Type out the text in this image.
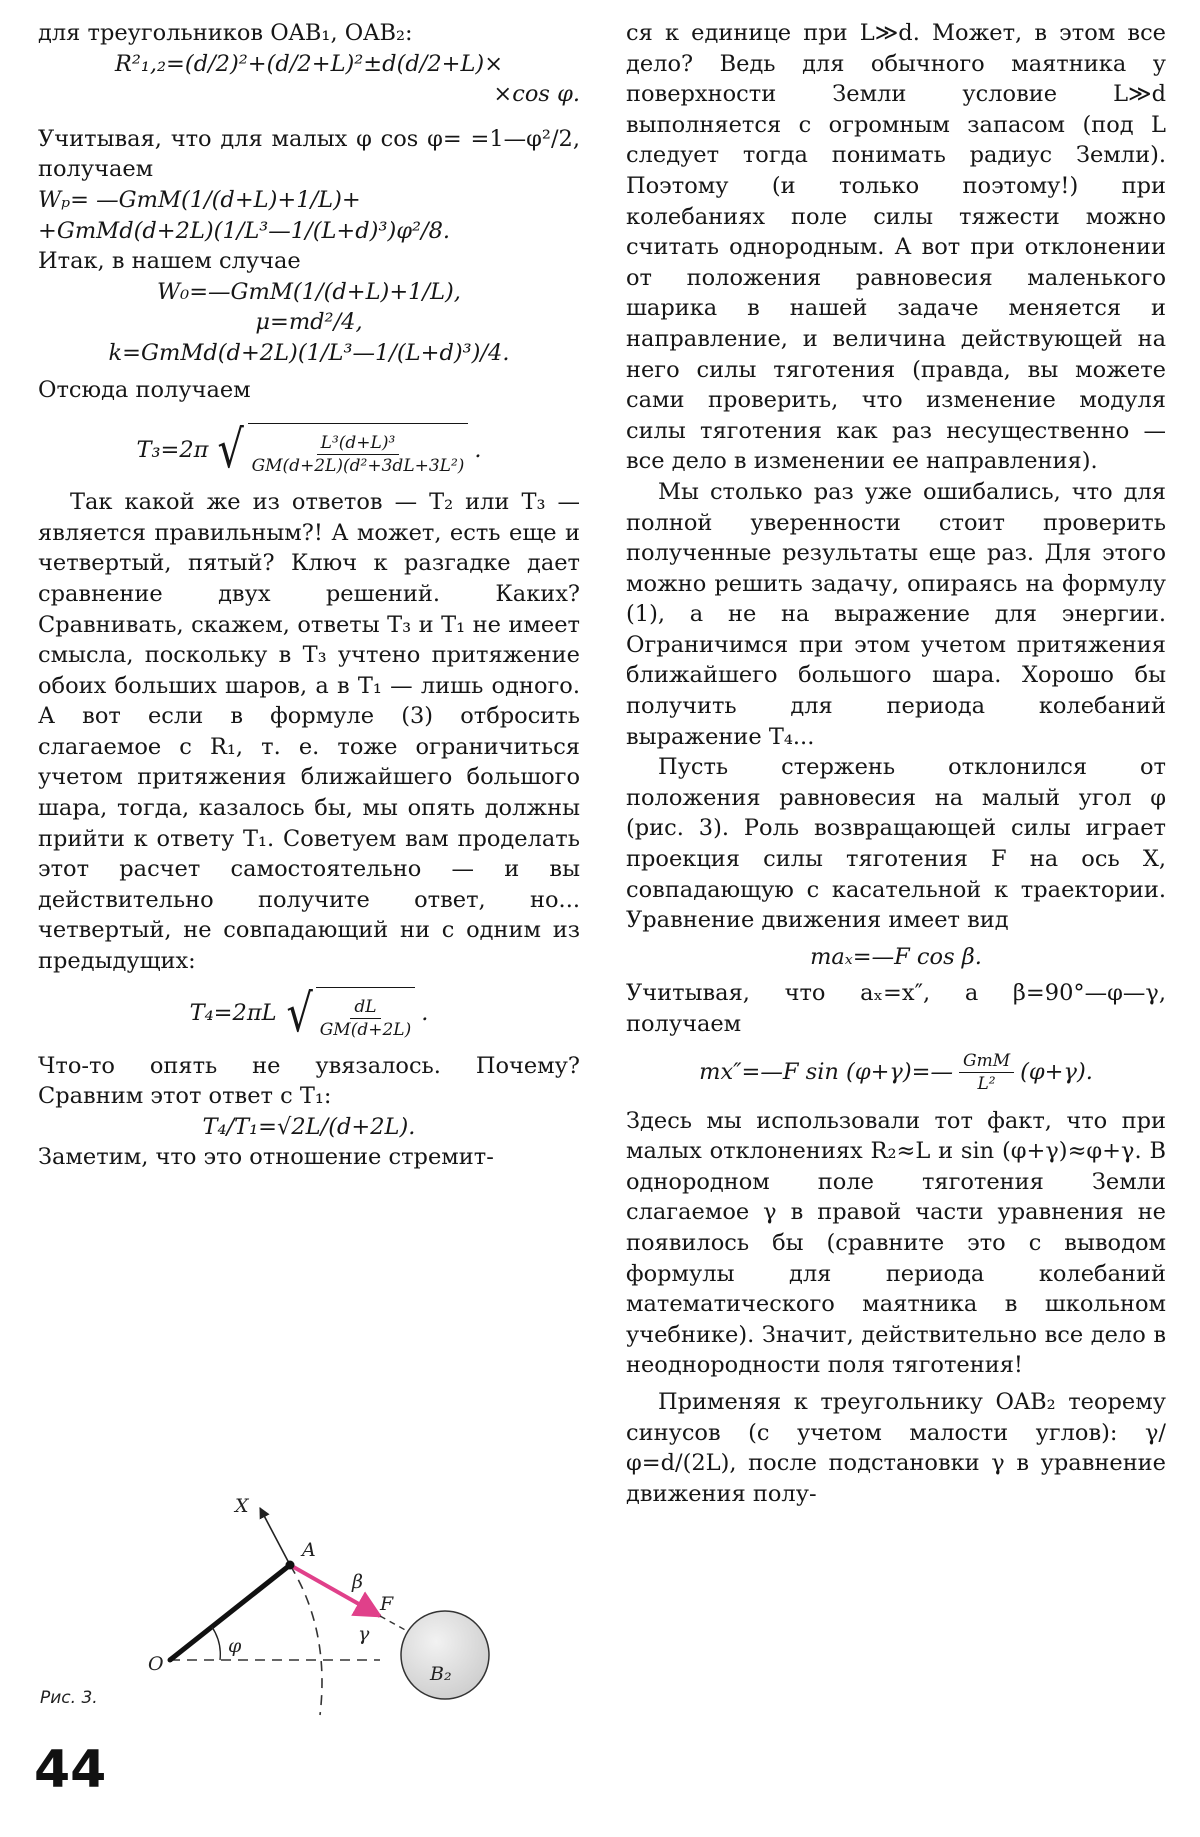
для треугольников OAB₁, OAB₂:

R²₁,₂=(d/2)²+(d/2+L)²±d(d/2+L)×

×cos φ.

Учитывая, что для малых φ cos φ= =1—φ²/2, получаем

Wₚ= —GmM(1/(d+L)+1/L)+

+GmMd(d+2L)(1/L³—1/(L+d)³)φ²/8.

Итак, в нашем случае

W₀=—GmM(1/(d+L)+1/L),

μ=md²/4,

k=GmMd(d+2L)(1/L³—1/(L+d)³)/4.

Отсюда получаем

T₃=2π √ $\frac{\text{L³(d+L)³}}{\text{GM(d+2L)(d²+3dL+3L²)}}$ .

Так какой же из ответов — T₂ или T₃ — является правильным?! А может, есть еще и четвертый, пятый? Ключ к разгадке дает сравнение двух решений. Каких? Сравнивать, скажем, ответы T₃ и T₁ не имеет смысла, поскольку в T₃ учтено притяжение обоих больших шаров, а в T₁ — лишь одного. А вот если в формуле (3) отбросить слагаемое с R₁, т. е. тоже ограничиться учетом притяжения ближайшего большого шара, тогда, казалось бы, мы опять должны прийти к ответу T₁. Советуем вам проделать этот расчет самостоятельно — и вы действительно получите ответ, но... четвертый, не совпадающий ни с одним из предыдущих:

T₄=2πL √ $\frac{dL}{GM(d+2L)}$ .

Что-то опять не увязалось. Почему? Сравним этот ответ с T₁:

T₄/T₁=√2L/(d+2L).

Заметим, что это отношение стремит-

ся к единице при L≫d. Может, в этом все дело? Ведь для обычного маятника у поверхности Земли условие L≫d выполняется с огромным запасом (под L следует тогда понимать радиус Земли). Поэтому (и только поэтому!) при колебаниях поле силы тяжести можно считать однородным. А вот при отклонении от положения равновесия маленького шарика в нашей задаче меняется и направление, и величина действующей на него силы тяготения (правда, вы можете сами проверить, что изменение модуля силы тяготения как раз несущественно — все дело в изменении ее направления).

Мы столько раз уже ошибались, что для полной уверенности стоит проверить полученные результаты еще раз. Для этого можно решить задачу, опираясь на формулу (1), а не на выражение для энергии. Ограничимся при этом учетом притяжения ближайшего большого шара. Хорошо бы получить для периода колебаний выражение T₄...

Пусть стержень отклонился от положения равновесия на малый угол φ (рис. 3). Роль возвращающей силы играет проекция силы тяготения F на ось X, совпадающую с касательной к траектории. Уравнение движения имеет вид

maₓ=—F cos β.

Учитывая, что aₓ=x″, а β=90°—φ—γ, получаем

mx″=—F sin (φ+γ)=— $\frac{\text{GmM}}{\text{L²}} (\varphi+\gamma)$.

Здесь мы использовали тот факт, что при малых отклонениях R₂≈L и sin (φ+γ)≈φ+γ. В однородном поле тяготения Земли слагаемое γ в правой части уравнения не появилось бы (сравните это с выводом формулы для периода колебаний математического маятника в школьном учебнике). Значит, действительно все дело в неоднородности поля тяготения!

Применяя к треугольнику OAB₂ теорему синусов (с учетом малости углов): γ/φ=d/(2L), после подстановки γ в уравнение движения полу-

X
A
β
F
γ
O
φ
B₂
Рис. 3.
44
